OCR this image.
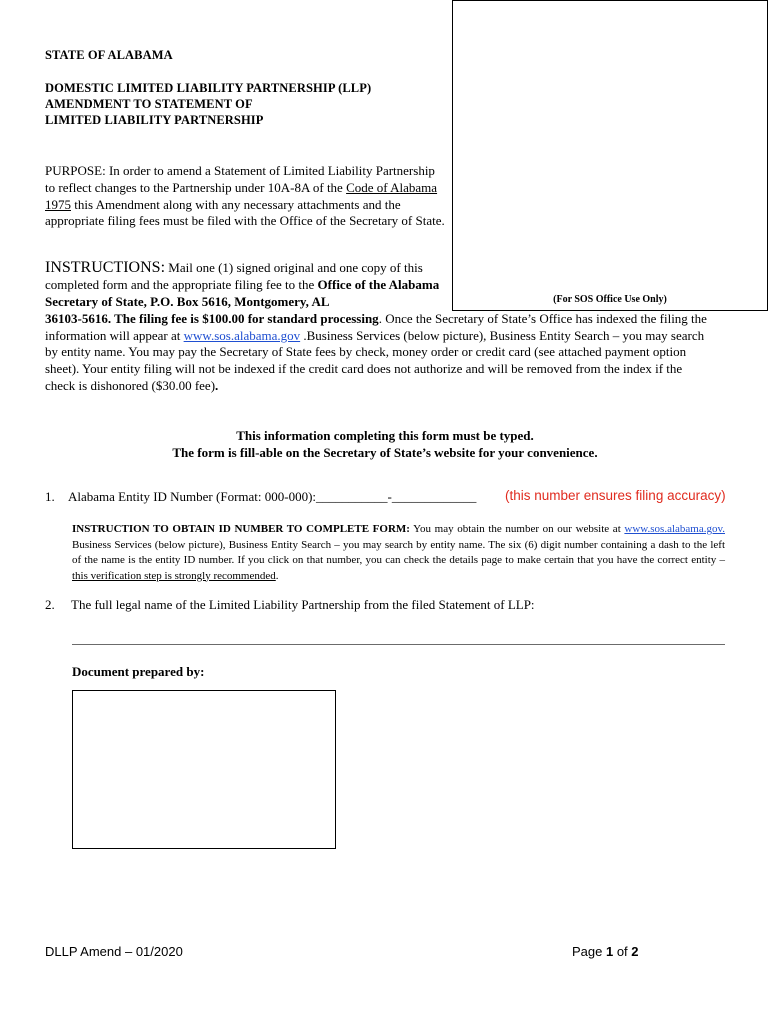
(For SOS Office Use Only)
STATE OF ALABAMA
DOMESTIC LIMITED LIABILITY PARTNERSHIP (LLP)
AMENDMENT TO STATEMENT OF
LIMITED LIABILITY PARTNERSHIP
PURPOSE: In order to amend a Statement of Limited Liability Partnership to reflect changes to the Partnership under 10A-8A of the Code of Alabama 1975 this Amendment along with any necessary attachments and the appropriate filing fees must be filed with the Office of the Secretary of State.
INSTRUCTIONS: Mail one (1) signed original and one copy of this completed form and the appropriate filing fee to the Office of the Alabama Secretary of State, P.O. Box 5616, Montgomery, AL
36103-5616. The filing fee is $100.00 for standard processing. Once the Secretary of State’s Office has indexed the filing the information will appear at www.sos.alabama.gov .Business Services (below picture), Business Entity Search – you may search by entity name. You may pay the Secretary of State fees by check, money order or credit card (see attached payment option sheet). Your entity filing will not be indexed if the credit card does not authorize and will be removed from the index if the check is dishonored ($30.00 fee).
This information completing this form must be typed.
The form is fill-able on the Secretary of State’s website for your convenience.
1. Alabama Entity ID Number (Format: 000-000):___________-_____________ (this number ensures filing accuracy)
INSTRUCTION TO OBTAIN ID NUMBER TO COMPLETE FORM: You may obtain the number on our website at www.sos.alabama.gov. Business Services (below picture), Business Entity Search – you may search by entity name. The six (6) digit number containing a dash to the left of the name is the entity ID number. If you click on that number, you can check the details page to make certain that you have the correct entity – this verification step is strongly recommended.
2. The full legal name of the Limited Liability Partnership from the filed Statement of LLP:
Document prepared by:
DLLP Amend – 01/2020	Page 1 of 2
